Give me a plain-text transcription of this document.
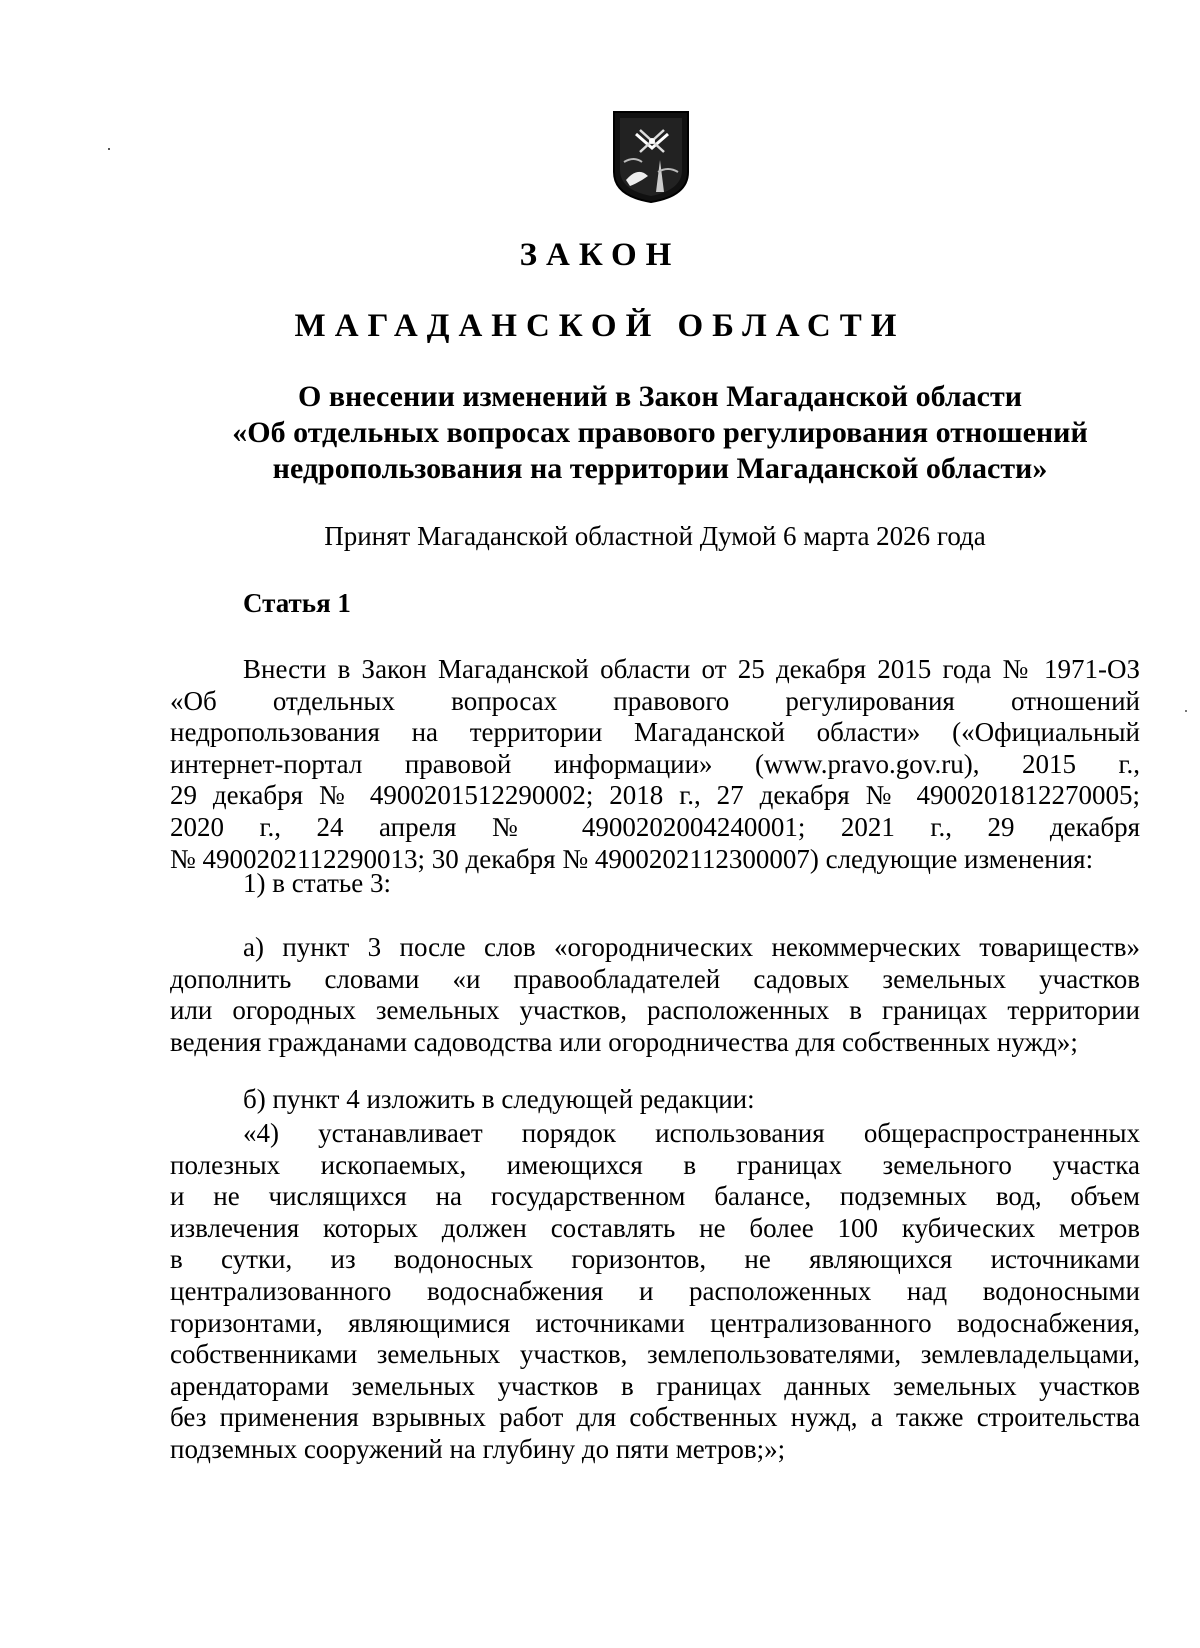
ЗАКОН
МАГАДАНСКОЙ ОБЛАСТИ
О внесении изменений в Закон Магаданской области
«Об отдельных вопросах правового регулирования отношений
недропользования на территории Магаданской области»
Принят Магаданской областной Думой 6 марта 2026 года
Статья 1
Внести в Закон Магаданской области от 25 декабря 2015 года № 1971-ОЗ
«Об отдельных вопросах правового регулирования отношений
недропользования на территории Магаданской области» («Официальный
интернет-портал правовой информации» (www.pravo.gov.ru), 2015 г.,
29 декабря № 4900201512290002; 2018 г., 27 декабря № 4900201812270005;
2020 г., 24 апреля № 4900202004240001; 2021 г., 29 декабря
№ 4900202112290013; 30 декабря № 4900202112300007) следующие изменения:
1) в статье 3:
а) пункт 3 после слов «огороднических некоммерческих товариществ»
дополнить словами «и правообладателей садовых земельных участков
или огородных земельных участков, расположенных в границах территории
ведения гражданами садоводства или огородничества для собственных нужд»;
б) пункт 4 изложить в следующей редакции:
«4) устанавливает порядок использования общераспространенных
полезных ископаемых, имеющихся в границах земельного участка
и не числящихся на государственном балансе, подземных вод, объем
извлечения которых должен составлять не более 100 кубических метров
в сутки, из водоносных горизонтов, не являющихся источниками
централизованного водоснабжения и расположенных над водоносными
горизонтами, являющимися источниками централизованного водоснабжения,
собственниками земельных участков, землепользователями, землевладельцами,
арендаторами земельных участков в границах данных земельных участков
без применения взрывных работ для собственных нужд, а также строительства
подземных сооружений на глубину до пяти метров;»;
